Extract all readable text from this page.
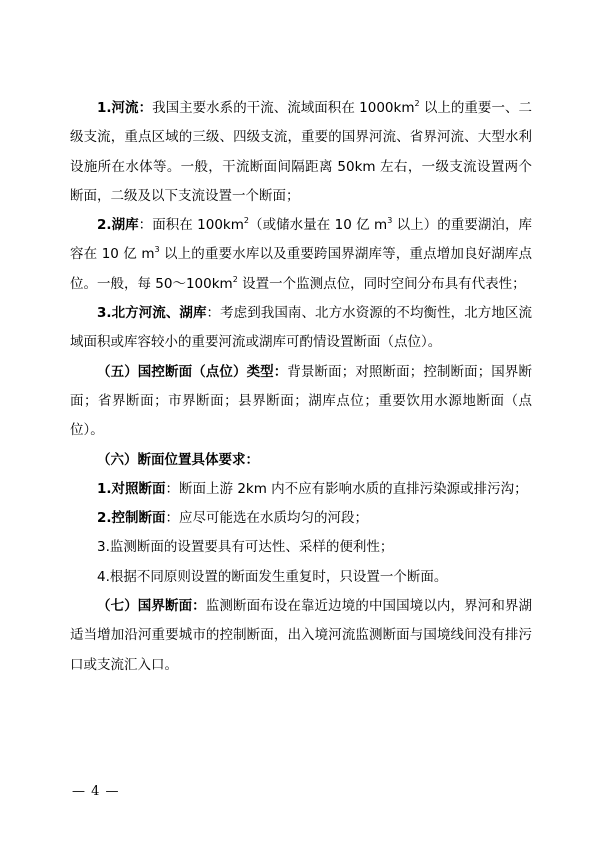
1.河流：我国主要水系的干流、流域面积在 $1000km^2$ 以上的重要一、二级支流，重点区域的三级、四级支流，重要的国界河流、省界河流、大型水利设施所在水体等。一般，干流断面间隔距离 50km 左右，一级支流设置两个断面，二级及以下支流设置一个断面；

2.湖库：面积在 $100km^2$（或储水量在 10 亿 $m^3$ 以上）的重要湖泊，库容在 10 亿 $m^3$ 以上的重要水库以及重要跨国界湖库等，重点增加良好湖库点位。一般，每 $50\sim 100km^2$ 设置一个监测点位，同时空间分布具有代表性；

3.北方河流、湖库：考虑到我国南、北方水资源的不均衡性，北方地区流域面积或库容较小的重要河流或湖库可酌情设置断面（点位）。

（五）国控断面（点位）类型：背景断面；对照断面；控制断面；国界断面；省界断面；市界断面；县界断面；湖库点位；重要饮用水源地断面（点位）。

（六）断面位置具体要求：

1.对照断面：断面上游 2km 内不应有影响水质的直排污染源或排污沟；

2.控制断面：应尽可能选在水质均匀的河段；

3.监测断面的设置要具有可达性、采样的便利性；

4.根据不同原则设置的断面发生重复时，只设置一个断面。

（七）国界断面：监测断面布设在靠近边境的中国国境以内，界河和界湖适当增加沿河重要城市的控制断面，出入境河流监测断面与国境线间没有排污口或支流汇入口。

— 4 —
